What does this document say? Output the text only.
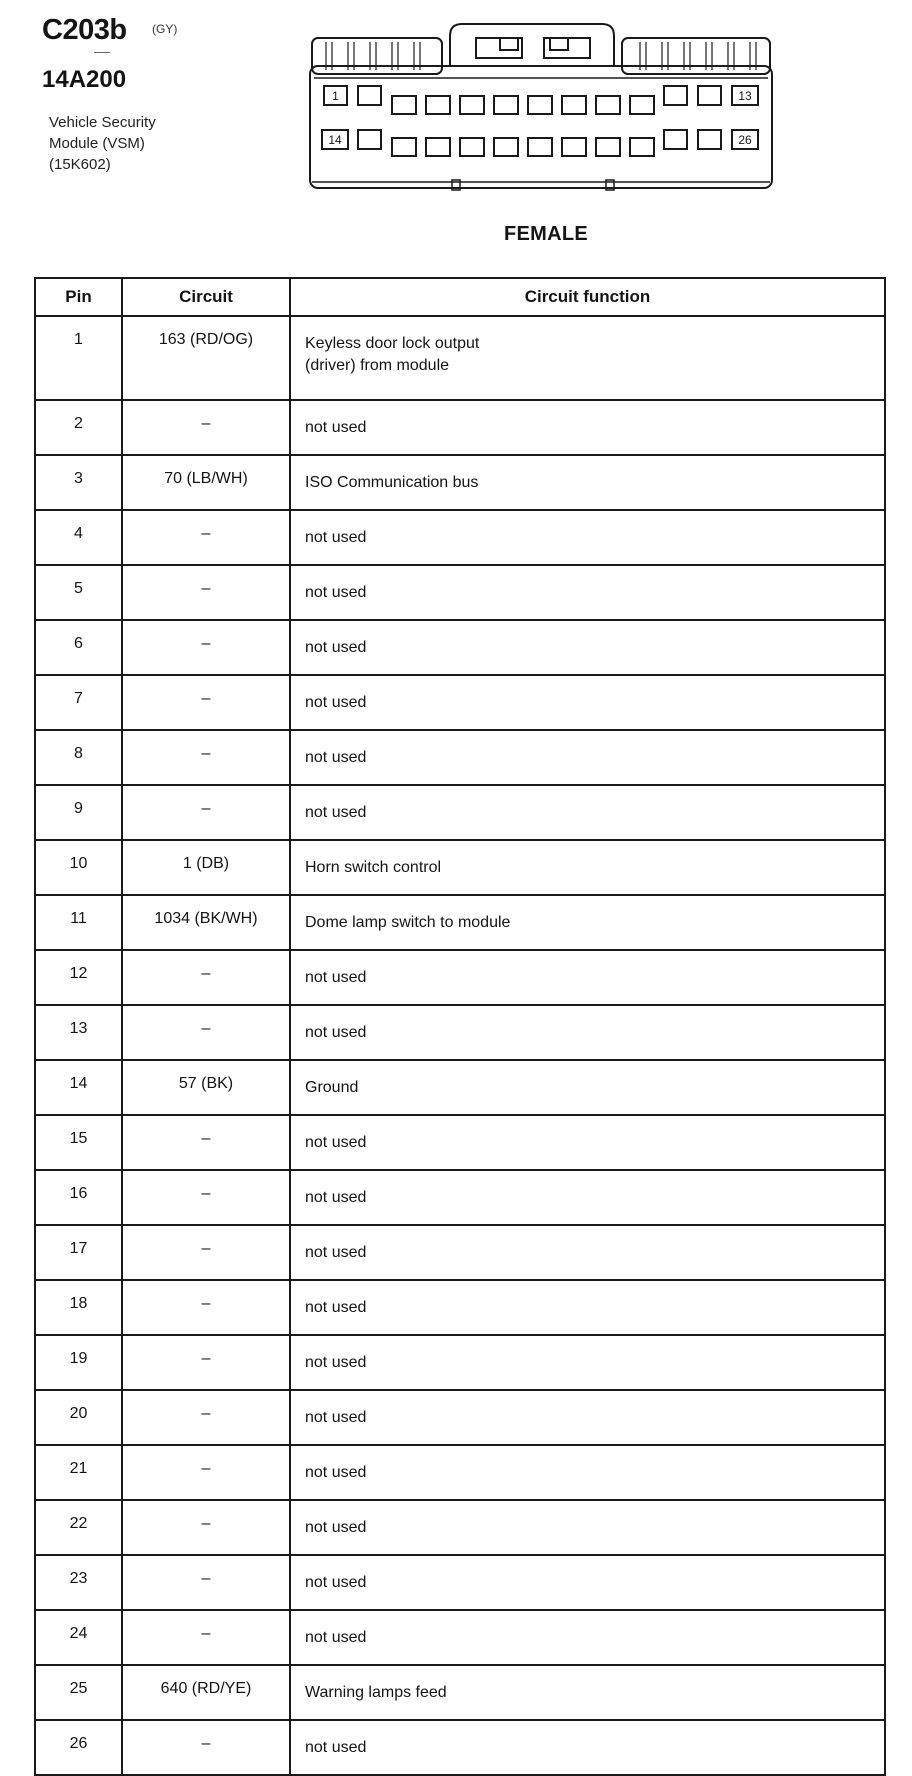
C203b (GY)
14A200
Vehicle Security
Module (VSM)
(15K602)
1	13
14	26
FEMALE
Pin	Circuit	Circuit function
1	163 (RD/OG)	Keyless door lock output
(driver) from module

2	–	not used

3	70 (LB/WH)	ISO Communication bus

4	–	not used

5	–	not used

6	–	not used

7	–	not used

8	–	not used

9	–	not used

10	1 (DB)	Horn switch control

11	1034 (BK/WH)	Dome lamp switch to module

12	–	not used

13	–	not used

14	57 (BK)	Ground

15	–	not used

16	–	not used

17	–	not used

18	–	not used

19	–	not used

20	–	not used

21	–	not used

22	–	not used

23	–	not used

24	–	not used

25	640 (RD/YE)	Warning lamps feed

26	–	not used
